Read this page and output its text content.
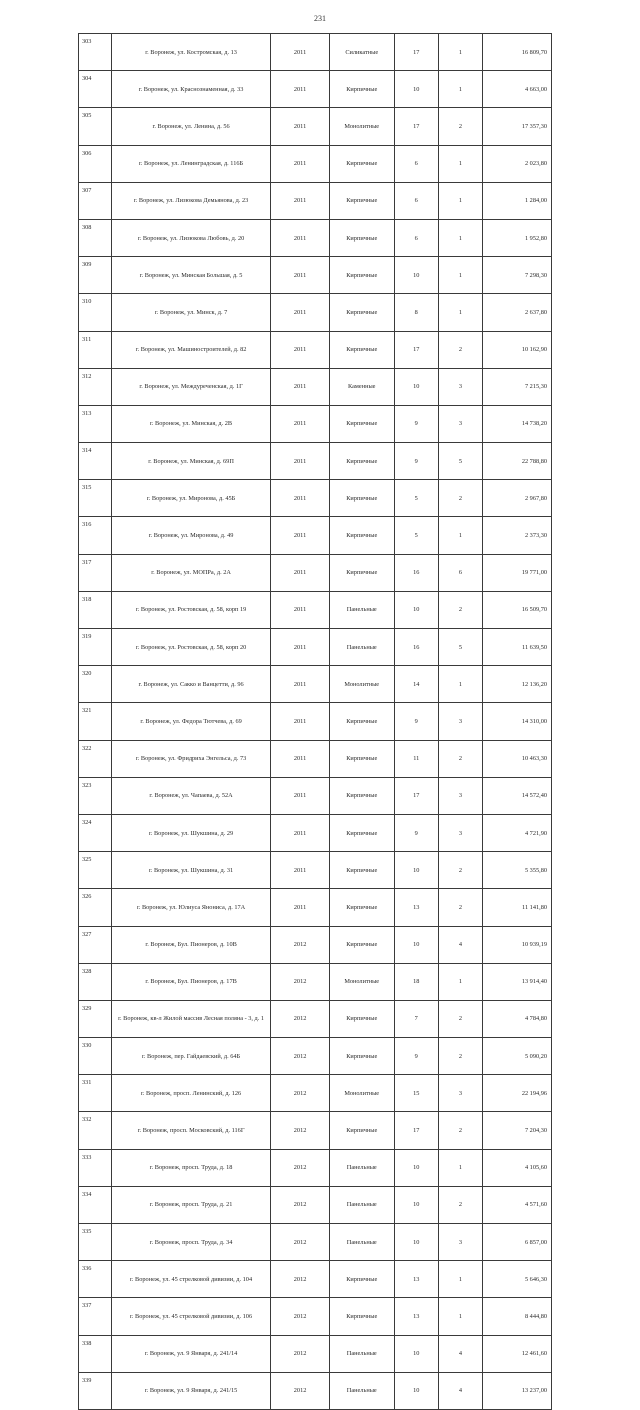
231
303	г. Воронеж, ул. Костромская, д. 13	2011	Силикатные	17	1	16 809,70
304	г. Воронеж, ул. Краснознаменная, д. 33	2011	Кирпичные	10	1	4 663,00
305	г. Воронеж, ул. Ленина, д. 56	2011	Монолитные	17	2	17 357,30
306	г. Воронеж, ул. Ленинградская, д. 116Б	2011	Кирпичные	6	1	2 023,80
307	г. Воронеж, ул. Лизюкова Демьянова, д. 23	2011	Кирпичные	6	1	1 284,00
308	г. Воронеж, ул. Лизюкова Любовь, д. 20	2011	Кирпичные	6	1	1 952,80
309	г. Воронеж, ул. Минская Большая, д. 5	2011	Кирпичные	10	1	7 298,30
310	г. Воронеж, ул. Минск, д. 7	2011	Кирпичные	8	1	2 637,80
311	г. Воронеж, ул. Машиностроителей, д. 82	2011	Кирпичные	17	2	10 162,90
312	г. Воронеж, ул. Междуреченская, д. 1Г	2011	Каменные	10	3	7 215,30
313	г. Воронеж, ул. Минская, д. 2В	2011	Кирпичные	9	3	14 738,20
314	г. Воронеж, ул. Минская, д. 69П	2011	Кирпичные	9	5	22 788,80
315	г. Воронеж, ул. Миронова, д. 45Б	2011	Кирпичные	5	2	2 967,80
316	г. Воронеж, ул. Миронова, д. 49	2011	Кирпичные	5	1	2 373,30
317	г. Воронеж, ул. МОПРа, д. 2А	2011	Кирпичные	16	6	19 771,00
318	г. Воронеж, ул. Ростовская, д. 58, корп 19	2011	Панельные	10	2	16 509,70
319	г. Воронеж, ул. Ростовская, д. 58, корп 20	2011	Панельные	16	5	11 639,50
320	г. Воронеж, ул. Сакко и Ванцетти, д. 96	2011	Монолитные	14	1	12 136,20
321	г. Воронеж, ул. Федора Тютчева, д. 69	2011	Кирпичные	9	3	14 310,00
322	г. Воронеж, ул. Фридриха Энгельса, д. 73	2011	Кирпичные	11	2	10 463,30
323	г. Воронеж, ул. Чапаева, д. 52А	2011	Кирпичные	17	3	14 572,40
324	г. Воронеж, ул. Шукшина, д. 29	2011	Кирпичные	9	3	4 721,90
325	г. Воронеж, ул. Шукшина, д. 31	2011	Кирпичные	10	2	5 355,80
326	г. Воронеж, ул. Юлиуса Янониса, д. 17А	2011	Кирпичные	13	2	11 141,80
327	г. Воронеж, Бул. Пионеров, д. 10В	2012	Кирпичные	10	4	10 939,19
328	г. Воронеж, Бул. Пионеров, д. 17В	2012	Монолитные	18	1	13 914,40
329	г. Воронеж, кв-л Жилой массив Лесная поляна - 3, д. 1	2012	Кирпичные	7	2	4 784,80
330	г. Воронеж, пер. Гайдаевский, д. 64Б	2012	Кирпичные	9	2	5 090,20
331	г. Воронеж, просп. Ленинский, д. 126	2012	Монолитные	15	3	22 194,96
332	г. Воронеж, просп. Московский, д. 116Г	2012	Кирпичные	17	2	7 204,30
333	г. Воронеж, просп. Труда, д. 18	2012	Панельные	10	1	4 105,60
334	г. Воронеж, просп. Труда, д. 21	2012	Панельные	10	2	4 571,60
335	г. Воронеж, просп. Труда, д. 34	2012	Панельные	10	3	6 857,00
336	г. Воронеж, ул. 45 стрелковой дивизии, д. 104	2012	Кирпичные	13	1	5 646,30
337	г. Воронеж, ул. 45 стрелковой дивизии, д. 106	2012	Кирпичные	13	1	8 444,80
338	г. Воронеж, ул. 9 Января, д. 241/14	2012	Панельные	10	4	12 461,60
339	г. Воронеж, ул. 9 Января, д. 241/15	2012	Панельные	10	4	13 237,00
